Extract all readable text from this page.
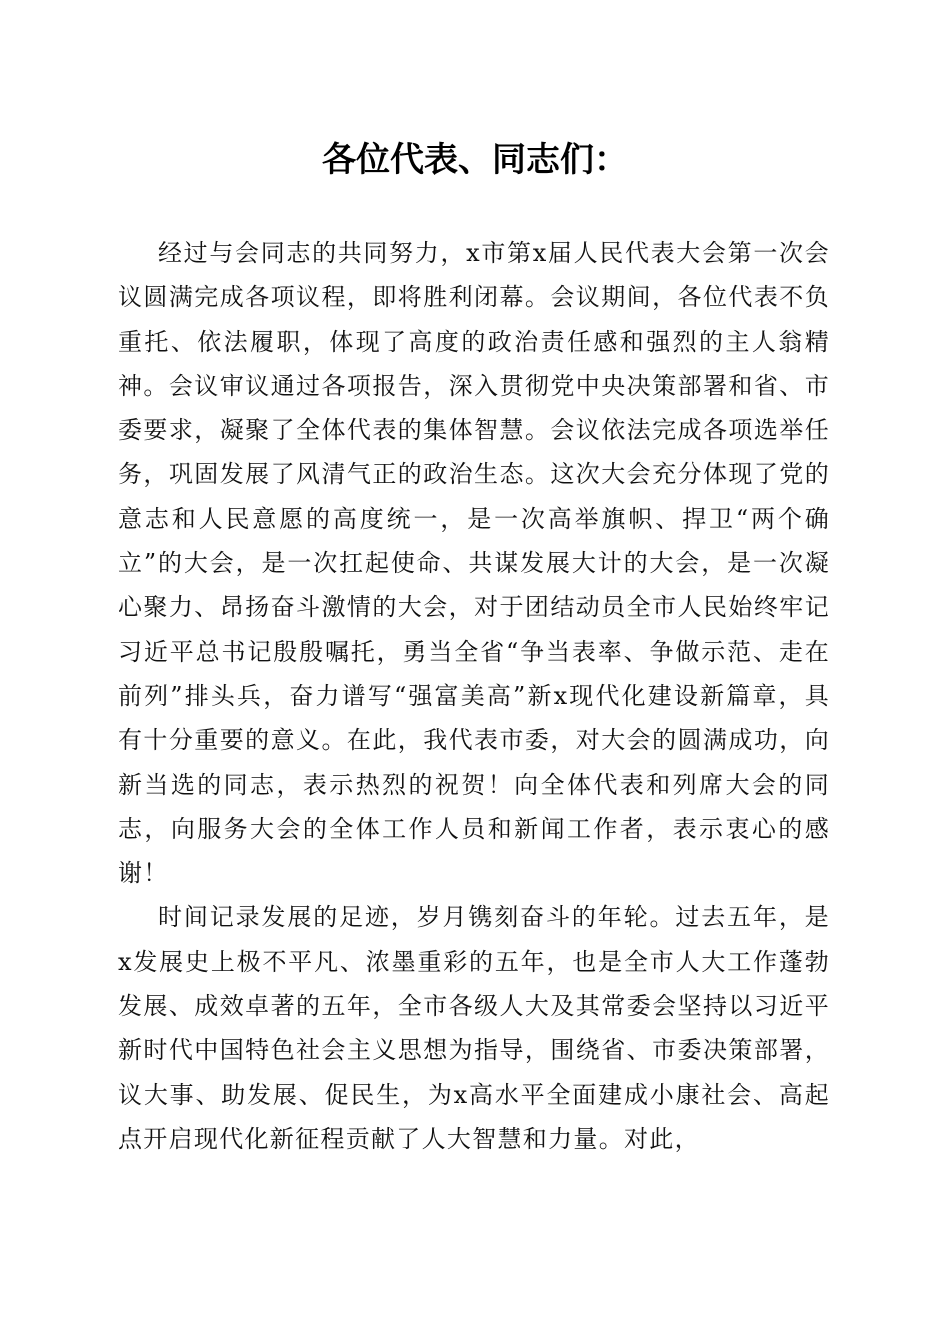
各位代表、同志们：

经过与会同志的共同努力，x市第x届人民代表大会第一次会议圆满完成各项议程，即将胜利闭幕。会议期间，各位代表不负重托、依法履职，体现了高度的政治责任感和强烈的主人翁精神。会议审议通过各项报告，深入贯彻党中央决策部署和省、市委要求，凝聚了全体代表的集体智慧。会议依法完成各项选举任务，巩固发展了风清气正的政治生态。这次大会充分体现了党的意志和人民意愿的高度统一，是一次高举旗帜、捍卫“两个确立”的大会，是一次扛起使命、共谋发展大计的大会，是一次凝心聚力、昂扬奋斗激情的大会，对于团结动员全市人民始终牢记习近平总书记殷殷嘱托，勇当全省“争当表率、争做示范、走在前列”排头兵，奋力谱写“强富美高”新x现代化建设新篇章，具有十分重要的意义。在此，我代表市委，对大会的圆满成功，向新当选的同志，表示热烈的祝贺！向全体代表和列席大会的同志，向服务大会的全体工作人员和新闻工作者，表示衷心的感谢！

时间记录发展的足迹，岁月镌刻奋斗的年轮。过去五年，是x发展史上极不平凡、浓墨重彩的五年，也是全市人大工作蓬勃发展、成效卓著的五年，全市各级人大及其常委会坚持以习近平新时代中国特色社会主义思想为指导，围绕省、市委决策部署，议大事、助发展、促民生，为x高水平全面建成小康社会、高起点开启现代化新征程贡献了人大智慧和力量。对此，
